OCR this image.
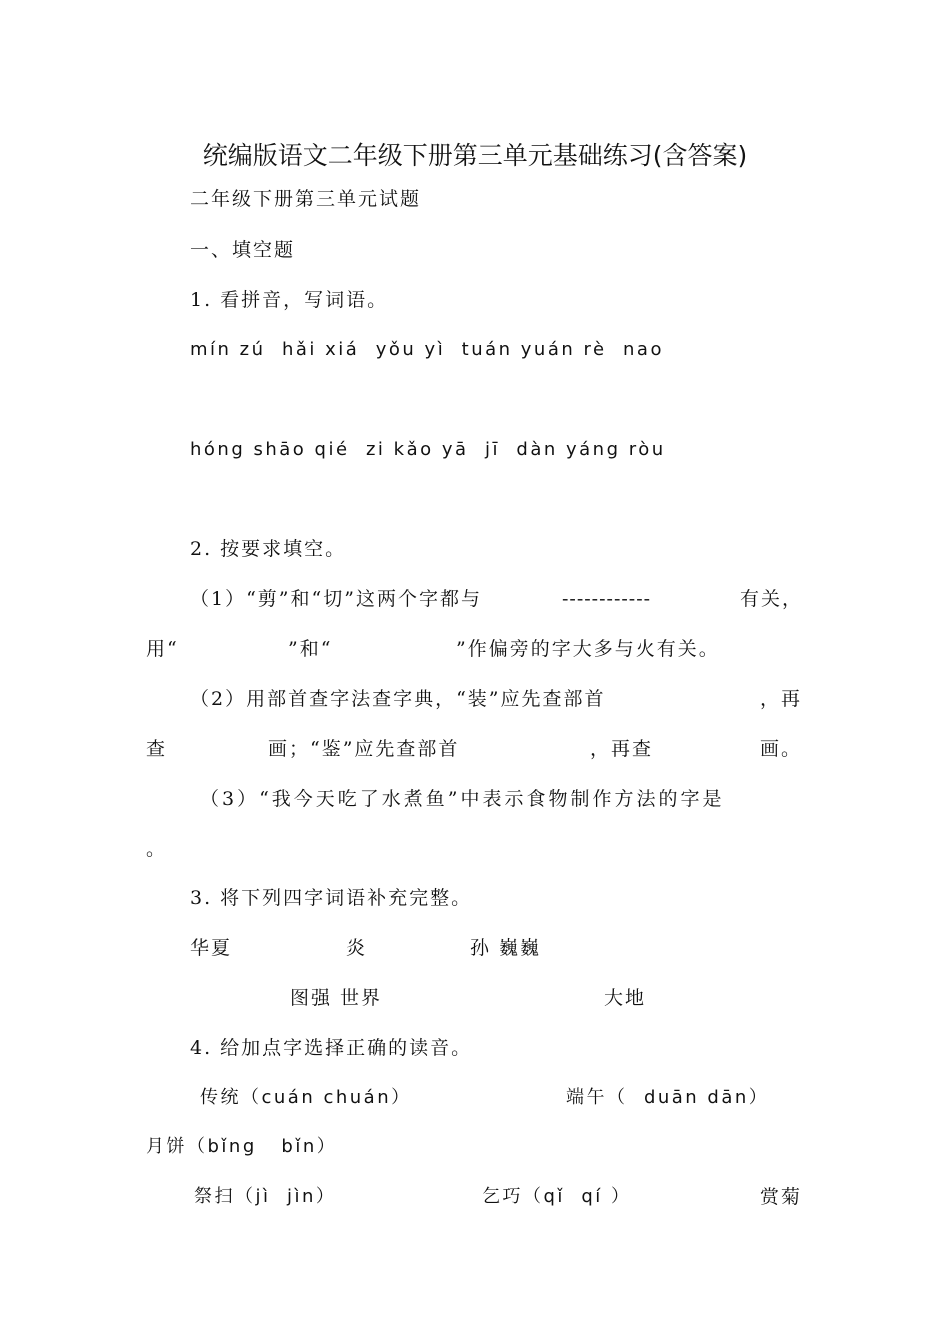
统编版语文二年级下册第三单元基础练习(含答案)
二年级下册第三单元试题
一、填空题
1. 看拼音，写词语。
mín zú  hǎi xiá  yǒu yì  tuán yuán rè  nao
hóng shāo qié  zi kǎo yā  jī  dàn yáng ròu
2. 按要求填空。
（1）“剪”和“切”这两个字都与	------------	有关，
用“	”和“	”作偏旁的字大多与火有关。
（2）用部首查字法查字典，“装”应先查部首	，再
查	画；“鉴”应先查部首	，再查	画。
（3）“我今天吃了水煮鱼”中表示食物制作方法的字是
。
3. 将下列四字词语补充完整。
华夏	炎	孙 巍巍
图强 世界	大地
4. 给加点字选择正确的读音。
传统（cuán chuán）	端午（  duān dān）
月饼（bǐng   bǐn）
祭扫（jì  jìn）	乞巧（qǐ  qí ）	赏菊
